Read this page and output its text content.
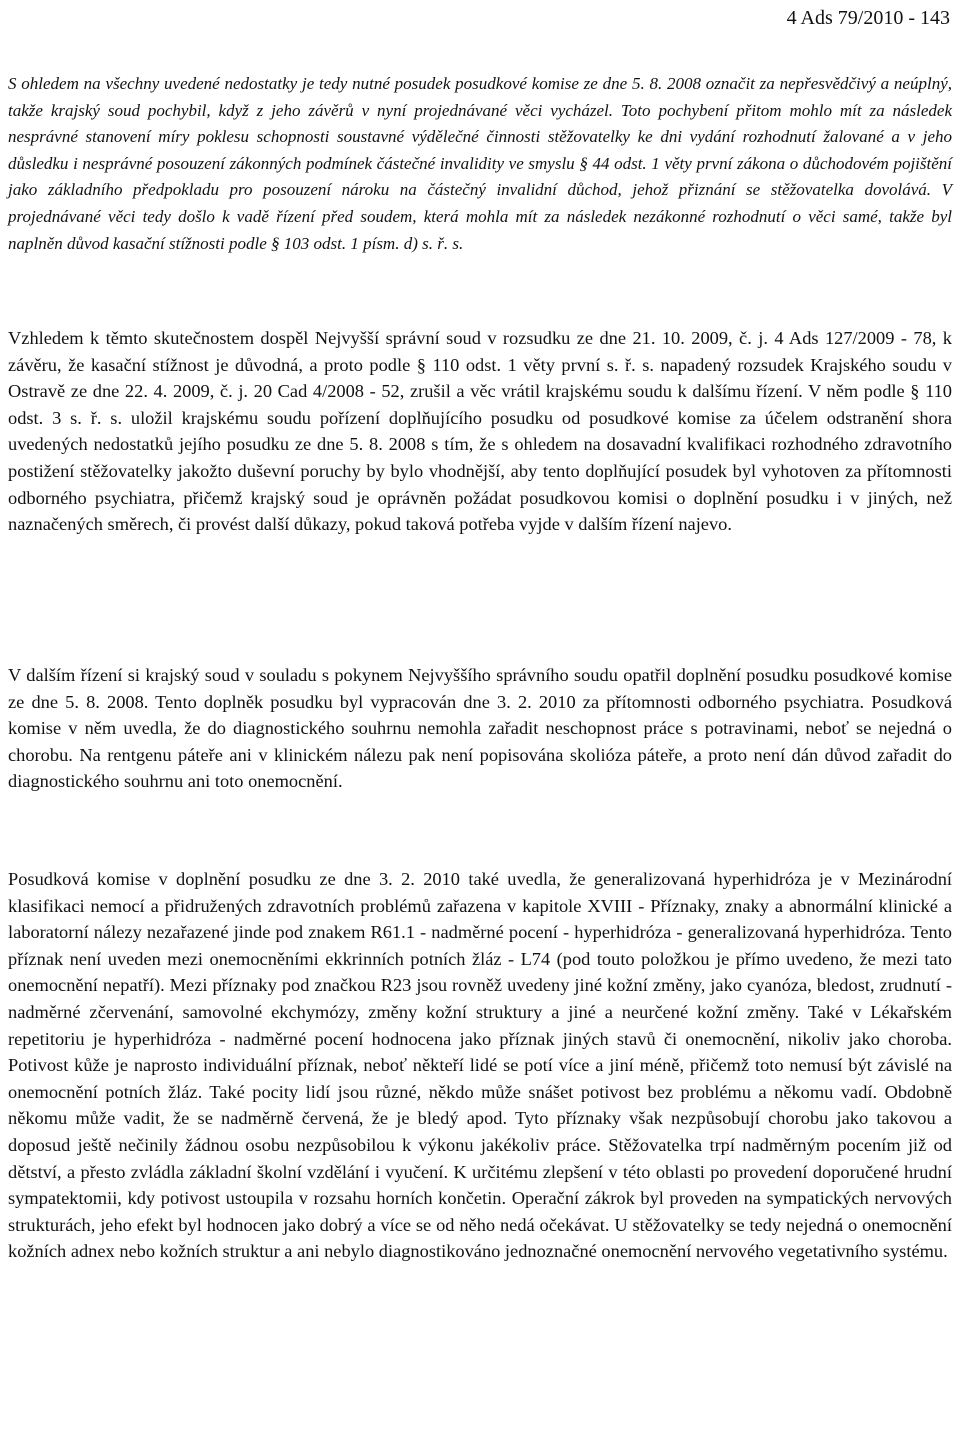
4 Ads 79/2010 - 143

S ohledem na všechny uvedené nedostatky je tedy nutné posudek posudkové komise ze dne 5. 8. 2008 označit za nepřesvědčivý a neúplný, takže krajský soud pochybil, když z jeho závěrů v nyní projednávané věci vycházel. Toto pochybení přitom mohlo mít za následek nesprávné stanovení míry poklesu schopnosti soustavné výdělečné činnosti stěžovatelky ke dni vydání rozhodnutí žalované a v jeho důsledku i nesprávné posouzení zákonných podmínek částečné invalidity ve smyslu § 44 odst. 1 věty první zákona o důchodovém pojištění jako základního předpokladu pro posouzení nároku na částečný invalidní důchod, jehož přiznání se stěžovatelka dovolává. V projednávané věci tedy došlo k vadě řízení před soudem, která mohla mít za následek nezákonné rozhodnutí o věci samé, takže byl naplněn důvod kasační stížnosti podle § 103 odst. 1 písm. d) s. ř. s.

Vzhledem k těmto skutečnostem dospěl Nejvyšší správní soud v rozsudku ze dne 21. 10. 2009, č. j. 4 Ads 127/2009 - 78, k závěru, že kasační stížnost je důvodná, a proto podle § 110 odst. 1 věty první s. ř. s. napadený rozsudek Krajského soudu v Ostravě ze dne 22. 4. 2009, č. j. 20 Cad 4/2008 - 52, zrušil a věc vrátil krajskému soudu k dalšímu řízení. V něm podle § 110 odst. 3 s. ř. s. uložil krajskému soudu pořízení doplňujícího posudku od posudkové komise za účelem odstranění shora uvedených nedostatků jejího posudku ze dne 5. 8. 2008 s tím, že s ohledem na dosavadní kvalifikaci rozhodného zdravotního postižení stěžovatelky jakožto duševní poruchy by bylo vhodnější, aby tento doplňující posudek byl vyhotoven za přítomnosti odborného psychiatra, přičemž krajský soud je oprávněn požádat posudkovou komisi o doplnění posudku i v jiných, než naznačených směrech, či provést další důkazy, pokud taková potřeba vyjde v dalším řízení najevo.

V dalším řízení si krajský soud v souladu s pokynem Nejvyššího správního soudu opatřil doplnění posudku posudkové komise ze dne 5. 8. 2008. Tento doplněk posudku byl vypracován dne 3. 2. 2010 za přítomnosti odborného psychiatra. Posudková komise v něm uvedla, že do diagnostického souhrnu nemohla zařadit neschopnost práce s potravinami, neboť se nejedná o chorobu. Na rentgenu páteře ani v klinickém nálezu pak není popisována skolióza páteře, a proto není dán důvod zařadit do diagnostického souhrnu ani toto onemocnění.

Posudková komise v doplnění posudku ze dne 3. 2. 2010 také uvedla, že generalizovaná hyperhidróza je v Mezinárodní klasifikaci nemocí a přidružených zdravotních problémů zařazena v kapitole XVIII - Příznaky, znaky a abnormální klinické a laboratorní nálezy nezařazené jinde pod znakem R61.1 - nadměrné pocení - hyperhidróza - generalizovaná hyperhidróza. Tento příznak není uveden mezi onemocněními ekkrinních potních žláz - L74 (pod touto položkou je přímo uvedeno, že mezi tato onemocnění nepatří). Mezi příznaky pod značkou R23 jsou rovněž uvedeny jiné kožní změny, jako cyanóza, bledost, zrudnutí - nadměrné zčervenání, samovolné ekchymózy, změny kožní struktury a jiné a neurčené kožní změny. Také v Lékařském repetitoriu je hyperhidróza - nadměrné pocení hodnocena jako příznak jiných stavů či onemocnění, nikoliv jako choroba. Potivost kůže je naprosto individuální příznak, neboť někteří lidé se potí více a jiní méně, přičemž toto nemusí být závislé na onemocnění potních žláz. Také pocity lidí jsou různé, někdo může snášet potivost bez problému a někomu vadí. Obdobně někomu může vadit, že se nadměrně červená, že je bledý apod. Tyto příznaky však nezpůsobují chorobu jako takovou a doposud ještě nečinily žádnou osobu nezpůsobilou k výkonu jakékoliv práce. Stěžovatelka trpí nadměrným pocením již od dětství, a přesto zvládla základní školní vzdělání i vyučení. K určitému zlepšení v této oblasti po provedení doporučené hrudní sympatektomii, kdy potivost ustoupila v rozsahu horních končetin. Operační zákrok byl proveden na sympatických nervových strukturách, jeho efekt byl hodnocen jako dobrý a více se od něho nedá očekávat. U stěžovatelky se tedy nejedná o onemocnění kožních adnex nebo kožních struktur a ani nebylo diagnostikováno jednoznačné onemocnění nervového vegetativního systému.
